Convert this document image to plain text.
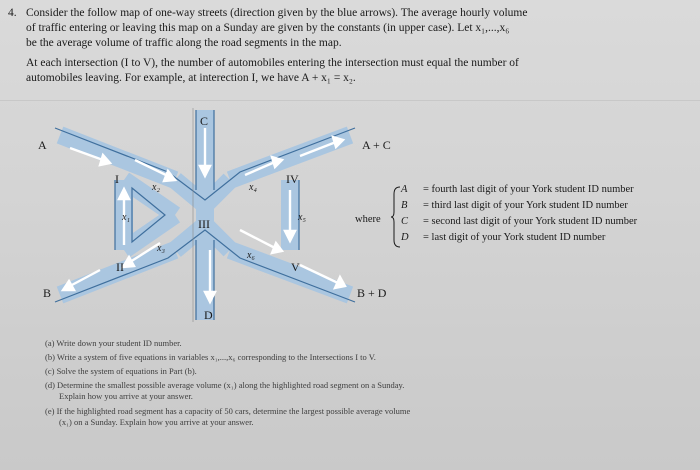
4. Consider the follow map of one-way streets (direction given by the blue arrows). The average hourly volume
of traffic entering or leaving this map on a Sunday are given by the constants (in upper case). Let x₁,...,x₆
be the average volume of traffic along the road segments in the map.
At each intersection (I to V), the number of automobiles entering the intersection must equal the number of
automobiles leaving. For example, at interection I, we have A + x₁ = x₂.
C
A	A + C
B	B + D
D
I
II
III
IV
V
x₁
x₂
x₃
x₄
x₅
x₆
where
A = fourth last digit of your York student ID number
B = third last digit of your York student ID number
C = second last digit of your York student ID number
D = last digit of your York student ID number
(a) Write down your student ID number.
(b) Write a system of five equations in variables x₁,...,x₆ corresponding to the Intersections I to V.
(c) Solve the system of equations in Part (b).
(d) Determine the smallest possible average volume (x₁) along the highlighted road segment on a Sunday.
Explain how you arrive at your answer.
(e) If the highlighted road segment has a capacity of 50 cars, determine the largest possible average volume
(x₁) on a Sunday. Explain how you arrive at your answer.
